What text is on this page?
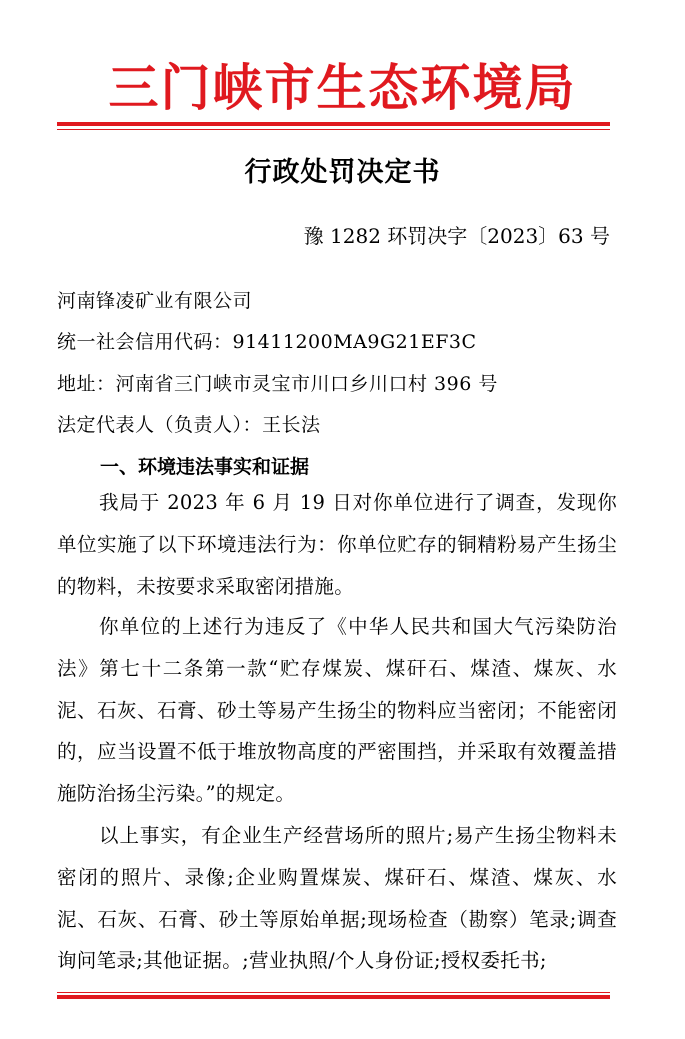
三门峡市生态环境局
行政处罚决定书
豫 1282 环罚决字〔2023〕63 号
河南锋凌矿业有限公司
统一社会信用代码：91411200MA9G21EF3C
地址：河南省三门峡市灵宝市川口乡川口村 396 号
法定代表人（负责人）：王长法
一、环境违法事实和证据

我局于 2023 年 6 月 19 日对你单位进行了调查，发现你单位实施了以下环境违法行为：你单位贮存的铜精粉易产生扬尘的物料，未按要求采取密闭措施。

你单位的上述行为违反了《中华人民共和国大气污染防治法》第七十二条第一款“贮存煤炭、煤矸石、煤渣、煤灰、水泥、石灰、石膏、砂土等易产生扬尘的物料应当密闭；不能密闭的，应当设置不低于堆放物高度的严密围挡，并采取有效覆盖措施防治扬尘污染。”的规定。

以上事实，有企业生产经营场所的照片;易产生扬尘物料未密闭的照片、录像;企业购置煤炭、煤矸石、煤渣、煤灰、水泥、石灰、石膏、砂土等原始单据;现场检查（勘察）笔录;调查询问笔录;其他证据。;营业执照/个人身份证;授权委托书;
